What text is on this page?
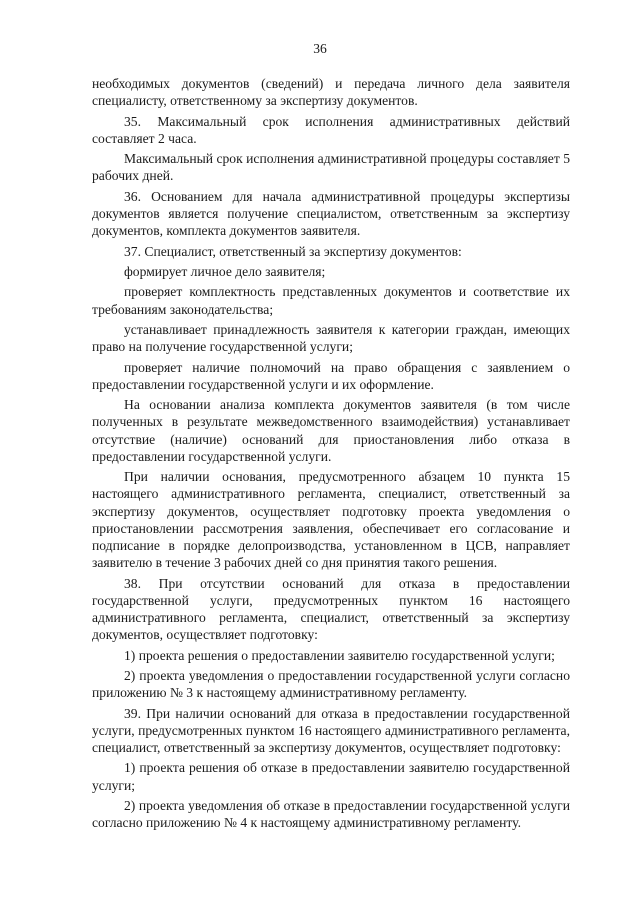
36

необходимых документов (сведений) и передача личного дела заявителя специалисту, ответственному за экспертизу документов.

35. Максимальный срок исполнения административных действий составляет 2 часа.

Максимальный срок исполнения административной процедуры составляет 5 рабочих дней.

36. Основанием для начала административной процедуры экспертизы документов является получение специалистом, ответственным за экспертизу документов, комплекта документов заявителя.

37. Специалист, ответственный за экспертизу документов:

формирует личное дело заявителя;

проверяет комплектность представленных документов и соответствие их требованиям законодательства;

устанавливает принадлежность заявителя к категории граждан, имеющих право на получение государственной услуги;

проверяет наличие полномочий на право обращения с заявлением о предоставлении государственной услуги и их оформление.

На основании анализа комплекта документов заявителя (в том числе полученных в результате межведомственного взаимодействия) устанавливает отсутствие (наличие) оснований для приостановления либо отказа в предоставлении государственной услуги.

При наличии основания, предусмотренного абзацем 10 пункта 15 настоящего административного регламента, специалист, ответственный за экспертизу документов, осуществляет подготовку проекта уведомления о приостановлении рассмотрения заявления, обеспечивает его согласование и подписание в порядке делопроизводства, установленном в ЦСВ, направляет заявителю в течение 3 рабочих дней со дня принятия такого решения.

38. При отсутствии оснований для отказа в предоставлении государственной услуги, предусмотренных пунктом 16 настоящего административного регламента, специалист, ответственный за экспертизу документов, осуществляет подготовку:

1) проекта решения о предоставлении заявителю государственной услуги;

2) проекта уведомления о предоставлении государственной услуги согласно приложению № 3 к настоящему административному регламенту.

39. При наличии оснований для отказа в предоставлении государственной услуги, предусмотренных пунктом 16 настоящего административного регламента, специалист, ответственный за экспертизу документов, осуществляет подготовку:

1) проекта решения об отказе в предоставлении заявителю государственной услуги;

2) проекта уведомления об отказе в предоставлении государственной услуги согласно приложению № 4 к настоящему административному регламенту.
